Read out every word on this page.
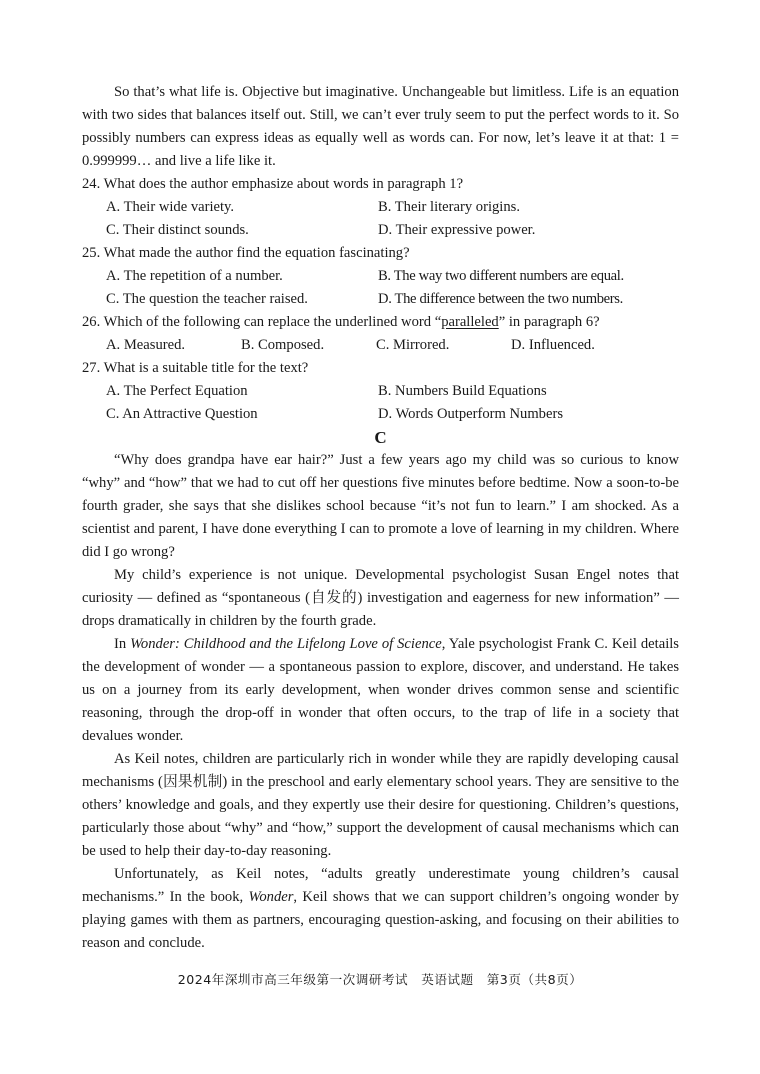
So that’s what life is. Objective but imaginative. Unchangeable but limitless. Life is an equation with two sides that balances itself out. Still, we can’t ever truly seem to put the perfect words to it. So possibly numbers can express ideas as equally well as words can. For now, let’s leave it at that: 1 = 0.999999… and live a life like it.

24. What does the author emphasize about words in paragraph 1?

A. Their wide variety.	B. Their literary origins.
C. Their distinct sounds.	D. Their expressive power.

25. What made the author find the equation fascinating?

A. The repetition of a number.	B. The way two different numbers are equal.
C. The question the teacher raised.	D. The difference between the two numbers.

26. Which of the following can replace the underlined word “paralleled” in paragraph 6?

A. Measured.	B. Composed.	C. Mirrored.	D. Influenced.

27. What is a suitable title for the text?

A. The Perfect Equation	B. Numbers Build Equations
C. An Attractive Question	D. Words Outperform Numbers

C

“Why does grandpa have ear hair?” Just a few years ago my child was so curious to know “why” and “how” that we had to cut off her questions five minutes before bedtime. Now a soon-to-be fourth grader, she says that she dislikes school because “it’s not fun to learn.” I am shocked. As a scientist and parent, I have done everything I can to promote a love of learning in my children. Where did I go wrong?

My child’s experience is not unique. Developmental psychologist Susan Engel notes that curiosity — defined as “spontaneous (自发的) investigation and eagerness for new information” — drops dramatically in children by the fourth grade.

In Wonder: Childhood and the Lifelong Love of Science, Yale psychologist Frank C. Keil details the development of wonder — a spontaneous passion to explore, discover, and understand. He takes us on a journey from its early development, when wonder drives common sense and scientific reasoning, through the drop-off in wonder that often occurs, to the trap of life in a society that devalues wonder.

As Keil notes, children are particularly rich in wonder while they are rapidly developing causal mechanisms (因果机制) in the preschool and early elementary school years. They are sensitive to the others’ knowledge and goals, and they expertly use their desire for questioning. Children’s questions, particularly those about “why” and “how,” support the development of causal mechanisms which can be used to help their day-to-day reasoning.

Unfortunately, as Keil notes, “adults greatly underestimate young children’s causal mechanisms.” In the book, Wonder, Keil shows that we can support children’s ongoing wonder by playing games with them as partners, encouraging question-asking, and focusing on their abilities to reason and conclude.

2024年深圳市高三年级第一次调研考试　英语试题　第3页（共8页）
